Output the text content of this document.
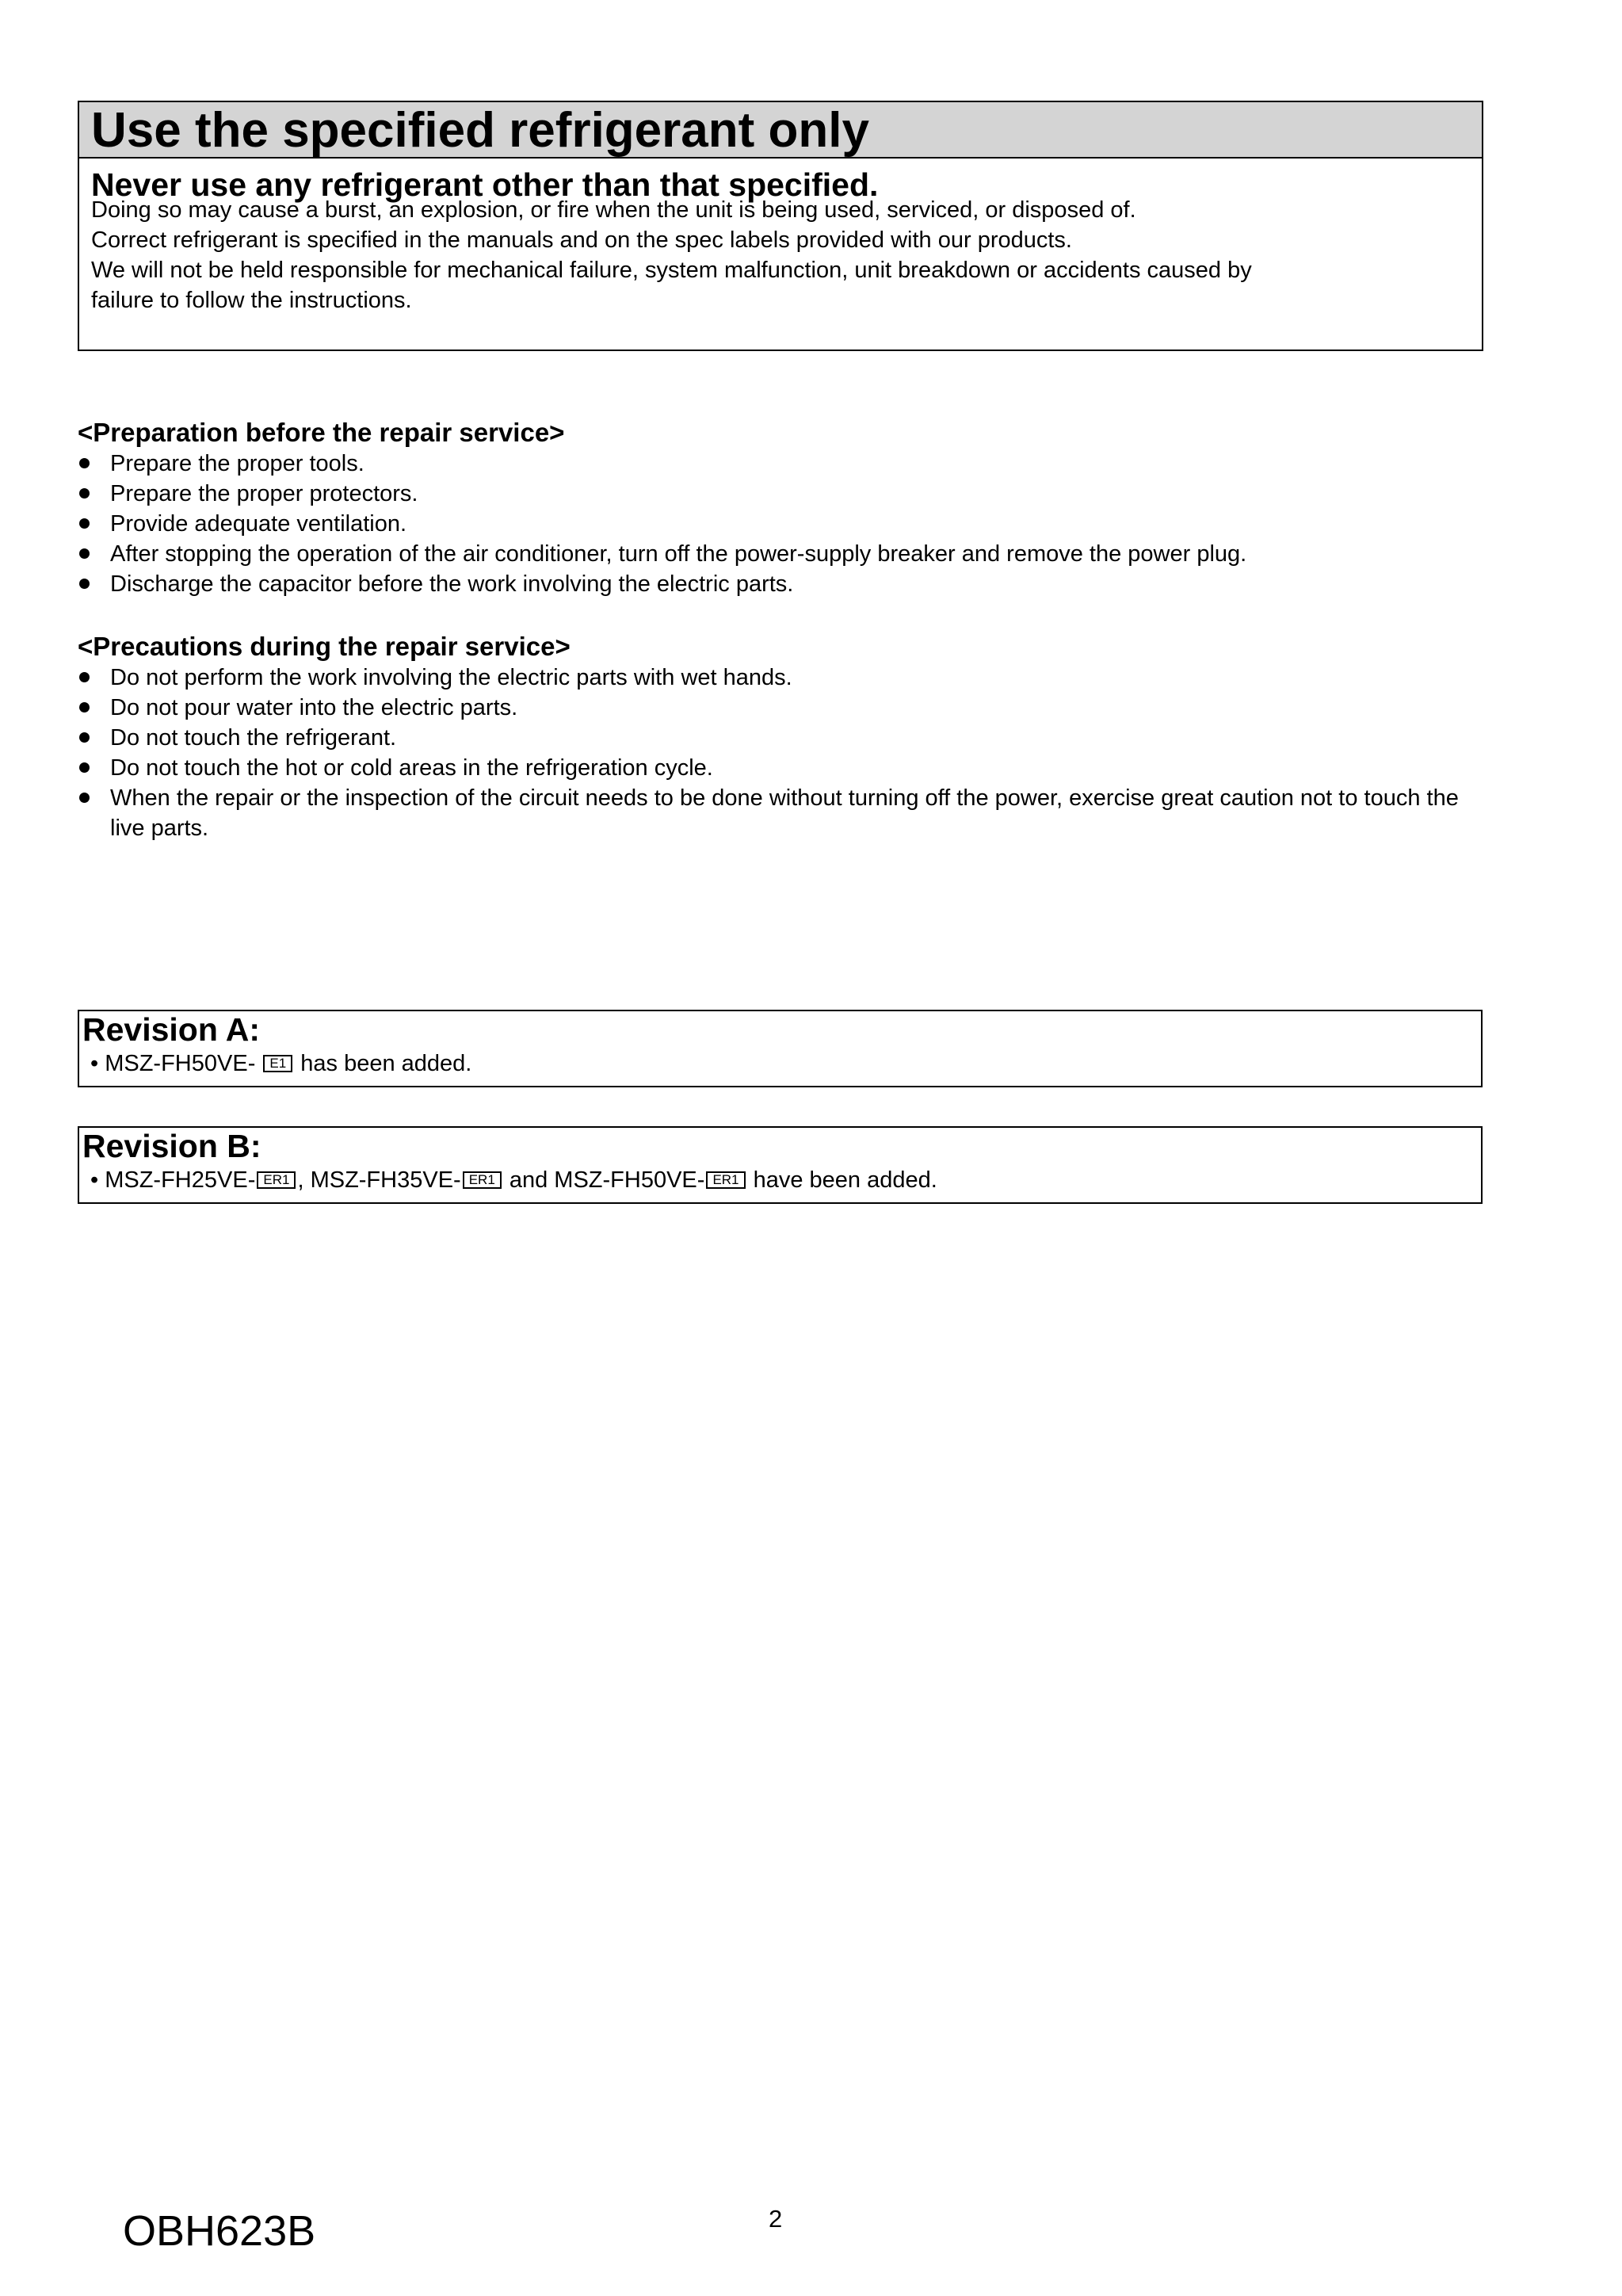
Use the specified refrigerant only
Never use any refrigerant other than that specified.

Doing so may cause a burst, an explosion, or fire when the unit is being used, serviced, or disposed of.

Correct refrigerant is specified in the manuals and on the spec labels provided with our products.

We will not be held responsible for mechanical failure, system malfunction, unit breakdown or accidents caused by

failure to follow the instructions.

<Preparation before the repair service>
Prepare the proper tools.
Prepare the proper protectors.
Provide adequate ventilation.
After stopping the operation of the air conditioner, turn off the power-supply breaker and remove the power plug.
Discharge the capacitor before the work involving the electric parts.
<Precautions during the repair service>
Do not perform the work involving the electric parts with wet hands.
Do not pour water into the electric parts.
Do not touch the refrigerant.
Do not touch the hot or cold areas in the refrigeration cycle.
When the repair or the inspection of the circuit needs to be done without turning off the power, exercise great caution not to touch the live parts.
Revision A:
• MSZ-FH50VE- E1 has been added.
Revision B:
• MSZ-FH25VE- ER1 , MSZ-FH35VE- ER1 and MSZ-FH50VE- ER1 have been added.
OBH623B	2
